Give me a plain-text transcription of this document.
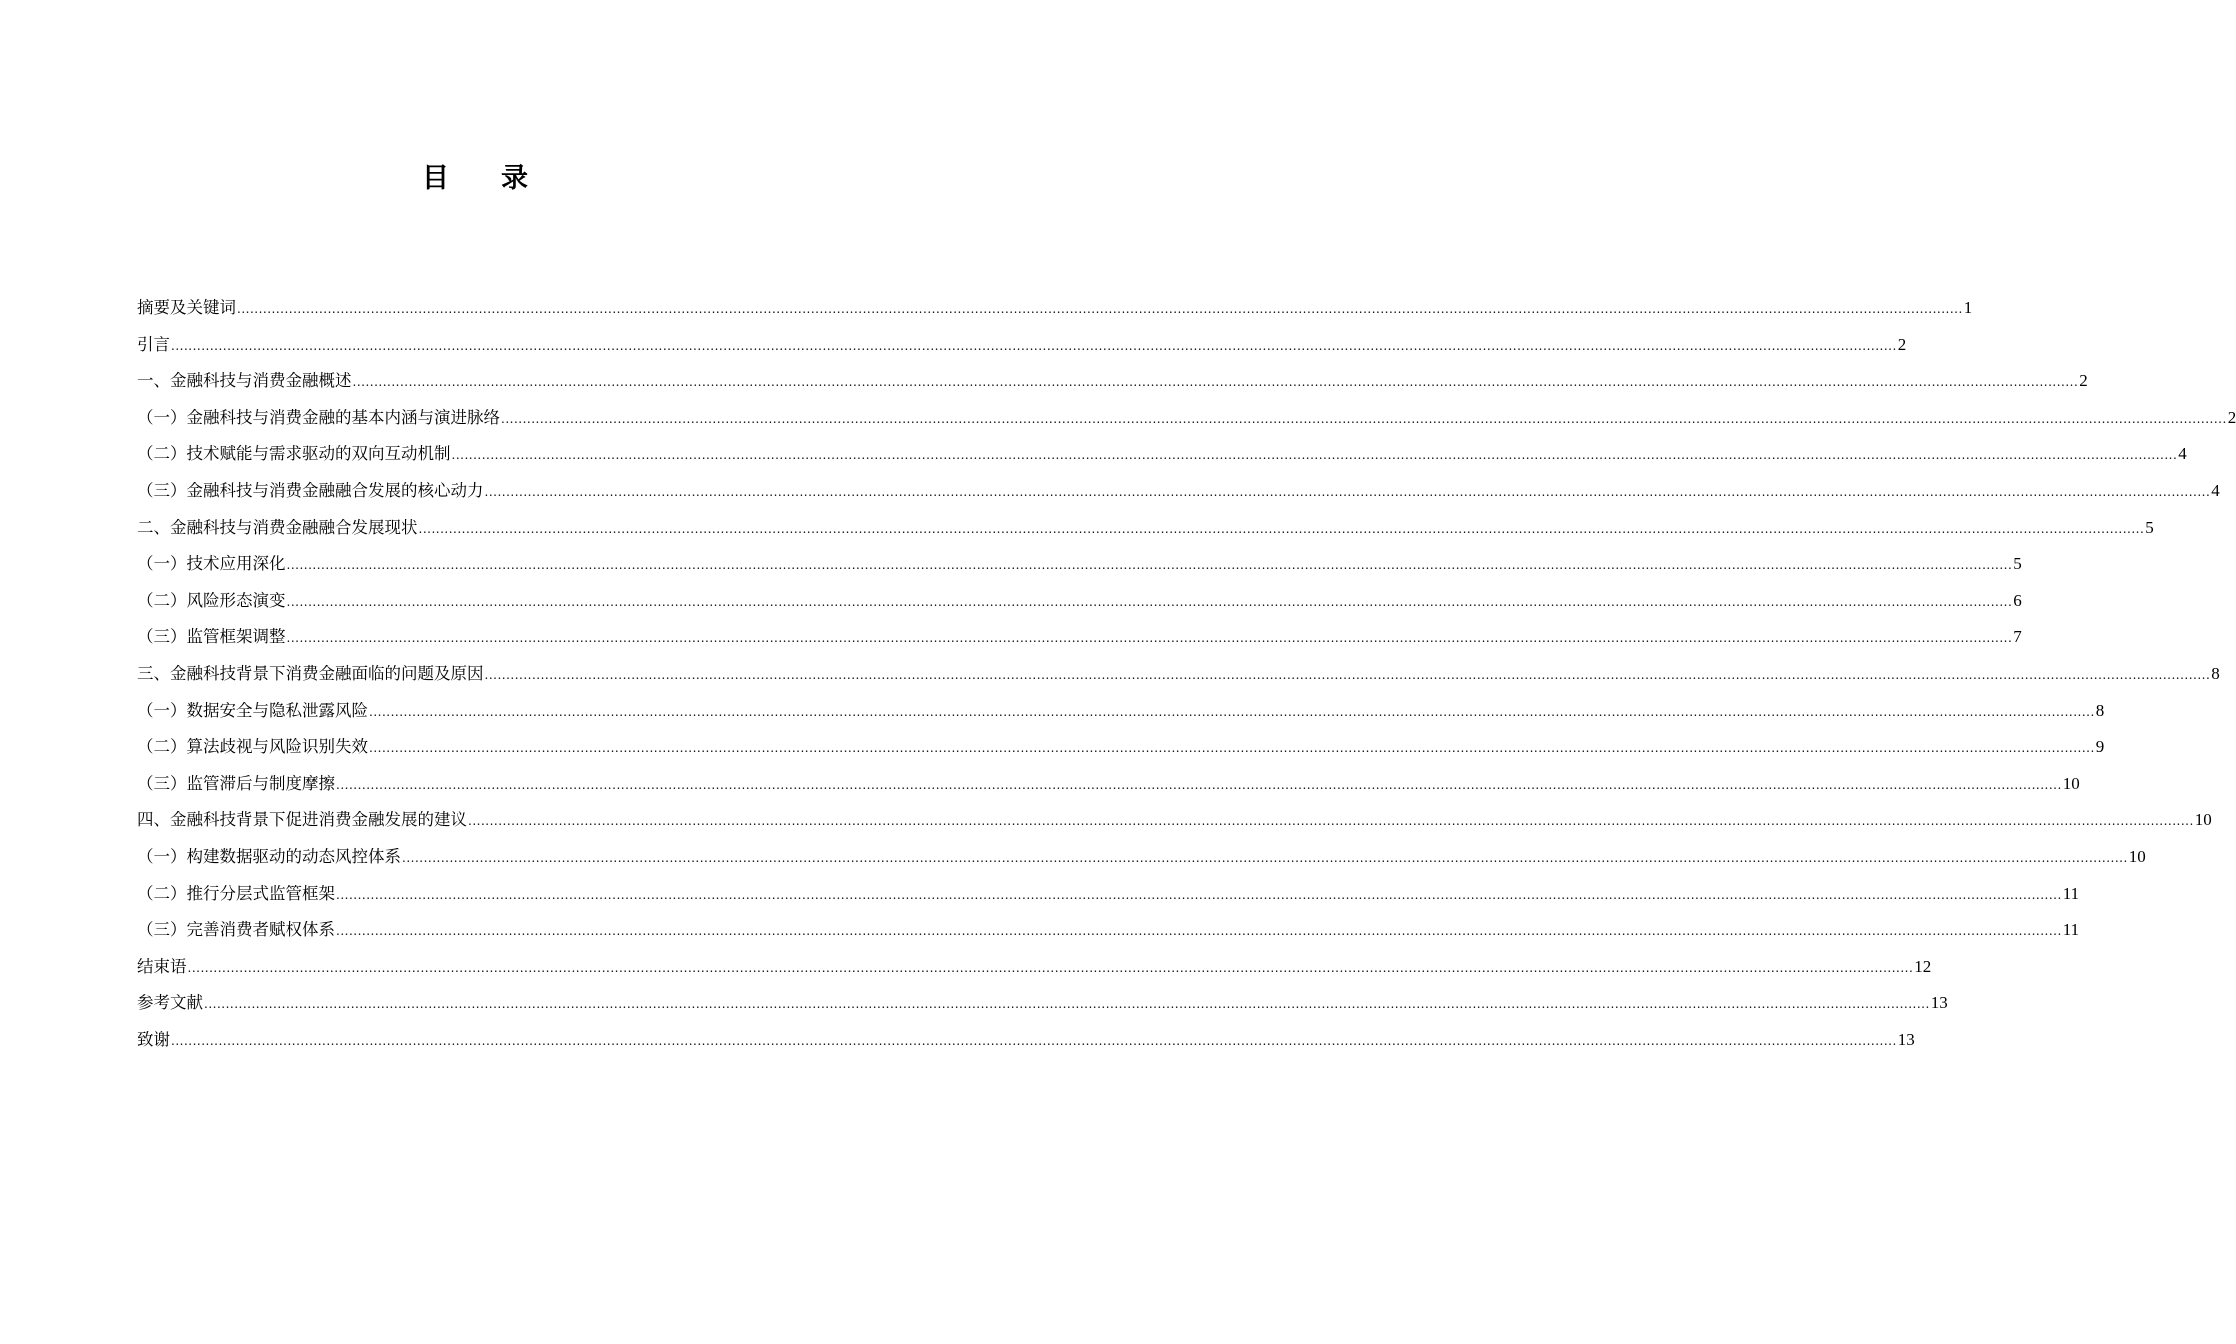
目 录
摘要及关键词 ................................................................................................................................................................................................................................................................................................................................................................................................................ 1
引言 ................................................................................................................................................................................................................................................................................................................................................................................................................ 2
一、金融科技与消费金融概述 ................................................................................................................................................................................................................................................................................................................................................................................................................ 2
（一）金融科技与消费金融的基本内涵与演进脉络 ................................................................................................................................................................................................................................................................................................................................................................................................................ 2
（二）技术赋能与需求驱动的双向互动机制 ................................................................................................................................................................................................................................................................................................................................................................................................................ 4
（三）金融科技与消费金融融合发展的核心动力 ................................................................................................................................................................................................................................................................................................................................................................................................................ 4
二、金融科技与消费金融融合发展现状 ................................................................................................................................................................................................................................................................................................................................................................................................................ 5
（一）技术应用深化 ................................................................................................................................................................................................................................................................................................................................................................................................................ 5
（二）风险形态演变 ................................................................................................................................................................................................................................................................................................................................................................................................................ 6
（三）监管框架调整 ................................................................................................................................................................................................................................................................................................................................................................................................................ 7
三、金融科技背景下消费金融面临的问题及原因 ................................................................................................................................................................................................................................................................................................................................................................................................................ 8
（一）数据安全与隐私泄露风险 ................................................................................................................................................................................................................................................................................................................................................................................................................ 8
（二）算法歧视与风险识别失效 ................................................................................................................................................................................................................................................................................................................................................................................................................ 9
（三）监管滞后与制度摩擦 ................................................................................................................................................................................................................................................................................................................................................................................................................ 10
四、金融科技背景下促进消费金融发展的建议 ................................................................................................................................................................................................................................................................................................................................................................................................................ 10
（一）构建数据驱动的动态风控体系 ................................................................................................................................................................................................................................................................................................................................................................................................................ 10
（二）推行分层式监管框架 ................................................................................................................................................................................................................................................................................................................................................................................................................ 11
（三）完善消费者赋权体系 ................................................................................................................................................................................................................................................................................................................................................................................................................ 11
结束语 ................................................................................................................................................................................................................................................................................................................................................................................................................ 12
参考文献 ................................................................................................................................................................................................................................................................................................................................................................................................................ 13
致谢 ................................................................................................................................................................................................................................................................................................................................................................................................................ 13
